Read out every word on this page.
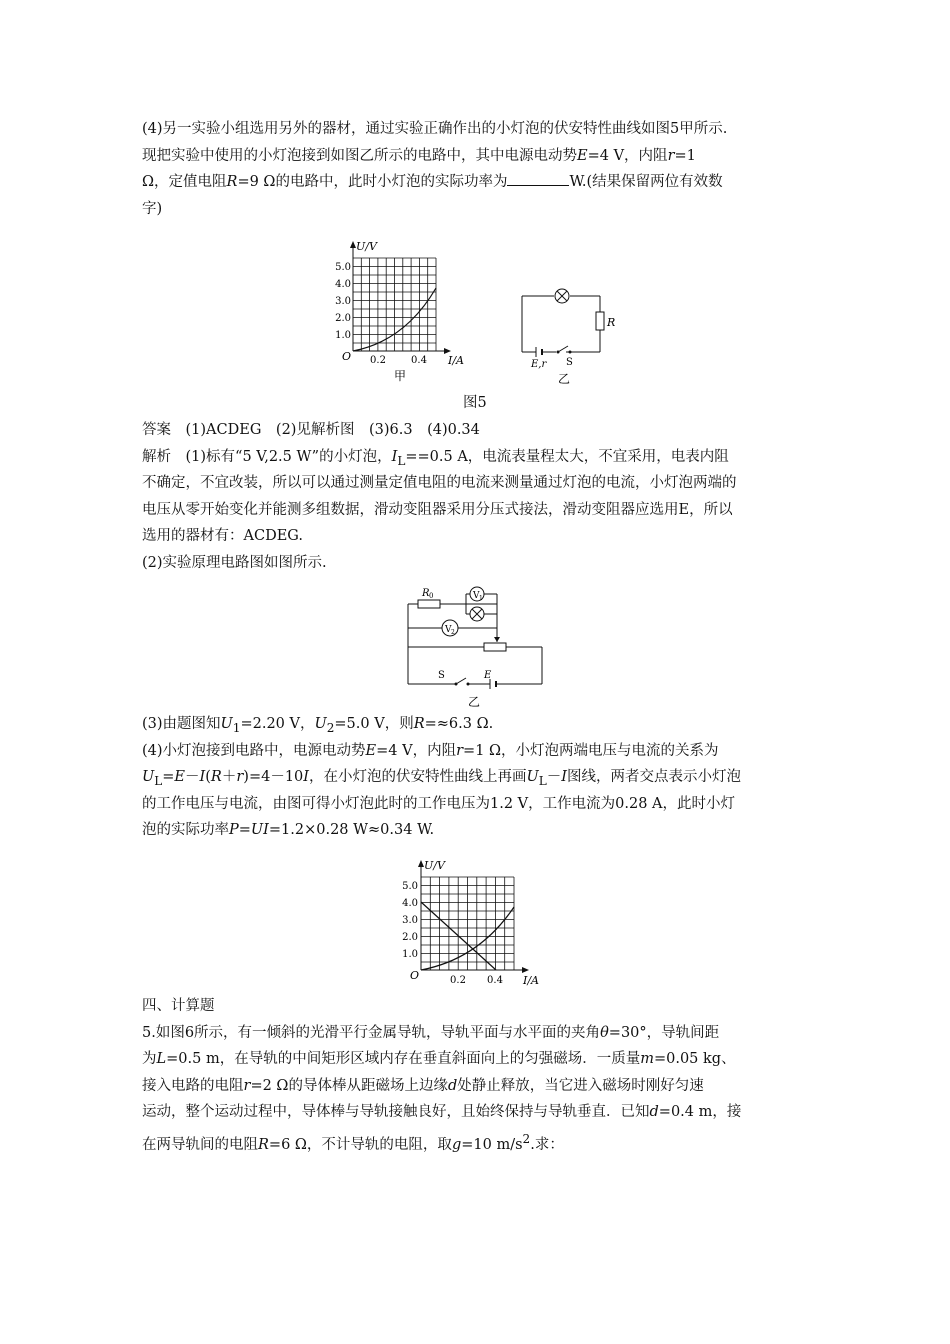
(4)另一实验小组选用另外的器材，通过实验正确作出的小灯泡的伏安特性曲线如图5甲所示.
现把实验中使用的小灯泡接到如图乙所示的电路中，其中电源电动势E=4 V，内阻r=1
Ω，定值电阻R=9 Ω的电路中，此时小灯泡的实际功率为	W.(结果保留两位有效数
字)
U/V
5.0
4.0
3.0
2.0
1.0
O 0.2	0.4 I/A
甲
R
E,r S
乙
图5
答案　 (1)ACDEG　 (2)见解析图　 (3)6.3　 (4)0.34
解析　(1)标有“5 V,2.5 W”的小灯泡，$I_L==0.5$ A，电流表量程太大，不宜采用，电表内阻
不确定，不宜改装，所以可以通过测量定值电阻的电流来测量通过灯泡的电流，小灯泡两端的
电压从零开始变化并能测多组数据，滑动变阻器采用分压式接法，滑动变阻器应选用E，所以
选用的器材有：ACDEG.
(2)实验原理电路图如图所示.
V 1
V 2
R 0
S	E
乙
(3)由题图知$U_1=2.20$ V，$U_2=5.0$ V，则R=≈6.3 Ω.
(4)小灯泡接到电路中，电源电动势E=4 V，内阻r=1 Ω，小灯泡两端电压与电流的关系为
$U_L=E-I(R+r)=4-10I$，在小灯泡的伏安特性曲线上再画$U_L-I$图线，两者交点表示小灯泡
的工作电压与电流，由图可得小灯泡此时的工作电压为1.2 V，工作电流为0.28 A，此时小灯
泡的实际功率P=UI=1.2×0.28 W≈0.34 W.
U/V
5.0
4.0
3.0
2.0
1.0
O	0.2 0.4 I/A
四、计算题
5.如图6所示，有一倾斜的光滑平行金属导轨，导轨平面与水平面的夹角θ=30°，导轨间距
为L=0.5 m，在导轨的中间矩形区域内存在垂直斜面向上的匀强磁场．一质量m=0.05 kg、
接入电路的电阻r=2 Ω的导体棒从距磁场上边缘d处静止释放，当它进入磁场时刚好匀速
运动，整个运动过程中，导体棒与导轨接触良好，且始终保持与导轨垂直．已知d=0.4 m，接
在两导轨间的电阻R=6 Ω，不计导轨的电阻，取g=10 $m/s^2$.求：
